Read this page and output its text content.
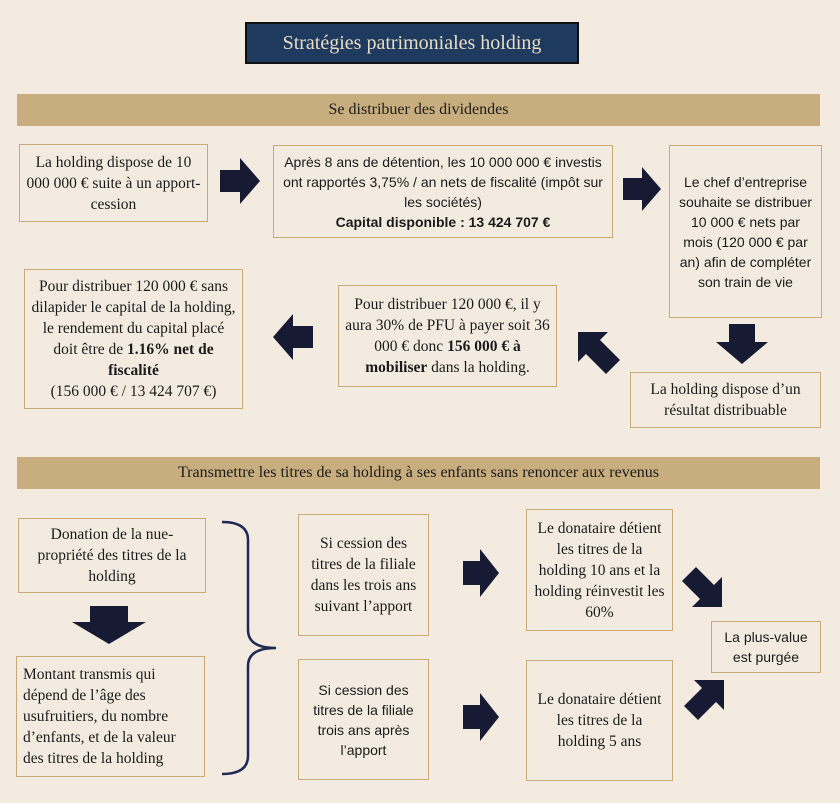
Stratégies patrimoniales holding
Se distribuer des dividendes
La holding dispose de 10 000 000 € suite à un apport-cession
Après 8 ans de détention, les 10 000 000 € investis ont rapportés 3,75% / an nets de fiscalité (impôt sur les sociétés)
Capital disponible : 13 424 707 €
Le chef d’entreprise souhaite se distribuer 10 000 € nets par mois (120 000 € par an) afin de compléter son train de vie
La holding dispose d’un résultat distribuable
Pour distribuer 120 000 €, il y aura 30% de PFU à payer soit 36 000 € donc 156 000 € à mobiliser dans la holding.
Pour distribuer 120 000 € sans dilapider le capital de la holding, le rendement du capital placé doit être de 1.16% net de fiscalité
(156 000 € / 13 424 707 €)
Transmettre les titres de sa holding à ses enfants sans renoncer aux revenus
Donation de la nue-propriété des titres de la holding
Montant transmis qui dépend de l’âge des usufruitiers, du nombre d’enfants, et de la valeur des titres de la holding
Si cession des titres de la filiale dans les trois ans suivant l’apport
Si cession des titres de la filiale trois ans après l’apport
Le donataire détient les titres de la holding 10 ans et la holding réinvestit les 60%
Le donataire détient les titres de la holding 5 ans
La plus-value est purgée
